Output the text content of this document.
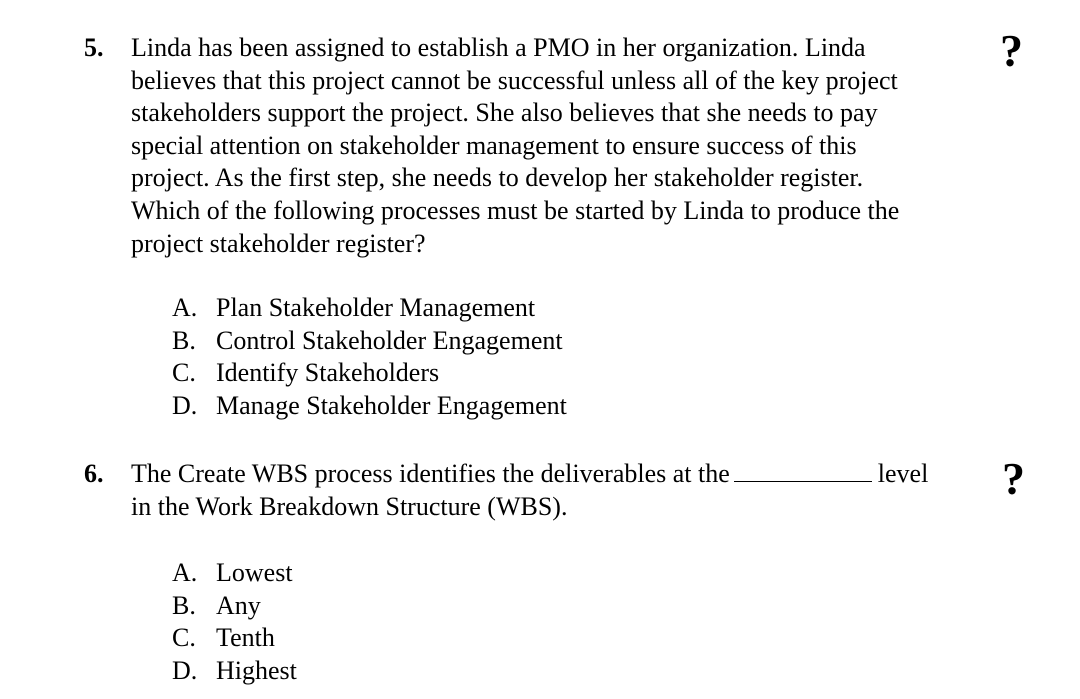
5. Linda has been assigned to establish a PMO in her organization. Linda
believes that this project cannot be successful unless all of the key project
stakeholders support the project. She also believes that she needs to pay
special attention on stakeholder management to ensure success of this
project. As the first step, she needs to develop her stakeholder register.
Which of the following processes must be started by Linda to produce the
project stakeholder register?

?
A. Plan Stakeholder Management
B. Control Stakeholder Engagement
C. Identify Stakeholders
D. Manage Stakeholder Engagement
6. The Create WBS process identifies the deliverables at the	level
in the Work Breakdown Structure (WBS).

?
A. Lowest
B. Any
C. Tenth
D. Highest
